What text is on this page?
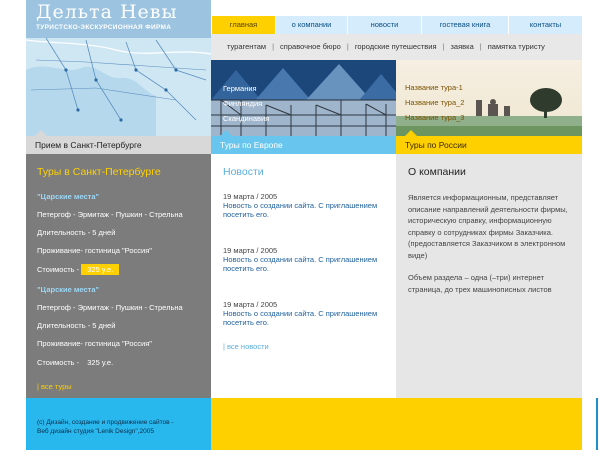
Дельта Невы
ТУРИСТСКО-ЭКСКУРСИОННАЯ ФИРМА	главная	о компании	новости	гостевая книга	контакты
турагентам | справочное бюро | городские путешествия | заявка | памятка туристу
Германия
Финляндия
Скандинавия
Название тура-1
Название тура_2
Название тура_3
Прием в Санкт-Петербурге	Туры по Европе	Туры по России
Туры в Санкт-Петербурге
"Царские места"
Петергоф - Эрмитаж - Пушкин - Стрельна
Длительность - 5 дней
Проживание- гостиница "Россия"
Стоимость - 325 у.е.
"Царские места"
Петергоф - Эрмитаж - Пушкин - Стрельна
Длительность - 5 дней
Проживание- гостиница "Россия"
Стоимость - 325 у.е.
| все туры
Новости
19 марта / 2005
Новость о создании сайта. С приглашением посетить его.
19 марта / 2005
Новость о создании сайта. С приглашением посетить его.
19 марта / 2005
Новость о создании сайта. С приглашением посетить его.
| все новости
О компании

Является информационным, представляет описание направлений деятельности фирмы, историческую справку, информационную справку о сотрудниках фирмы Заказчика. (предоставляется Заказчиком в электронном виде)

Объем раздела – одна (–три) интернет страница, до трех машинописных листов

(с) Дизайн, создание и продвижение сайтов -
Веб дизайн студия "Lenik Design",2005
